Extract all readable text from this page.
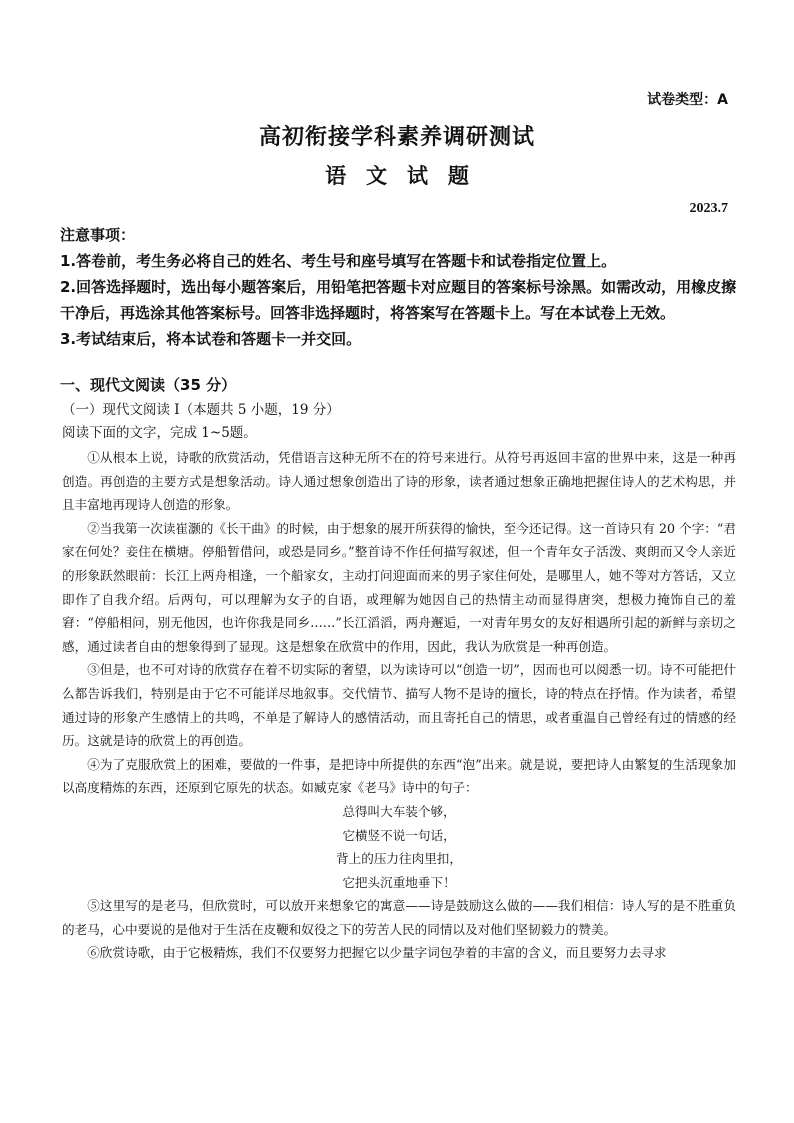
试卷类型：A
高初衔接学科素养调研测试
语 文 试 题
2023.7

注意事项：

1.答卷前，考生务必将自己的姓名、考生号和座号填写在答题卡和试卷指定位置上。

2.回答选择题时，选出每小题答案后，用铅笔把答题卡对应题目的答案标号涂黑。如需改动，用橡皮擦干净后，再选涂其他答案标号。回答非选择题时，将答案写在答题卡上。写在本试卷上无效。

3.考试结束后，将本试卷和答题卡一并交回。

一、现代文阅读（35 分）
（一）现代文阅读 I（本题共 5 小题，19 分）
阅读下面的文字，完成 1~5题。

①从根本上说，诗歌的欣赏活动，凭借语言这种无所不在的符号来进行。从符号再返回丰富的世界中来，这是一种再创造。再创造的主要方式是想象活动。诗人通过想象创造出了诗的形象，读者通过想象正确地把握住诗人的艺术构思，并且丰富地再现诗人创造的形象。

②当我第一次读崔灏的《长干曲》的时候，由于想象的展开所获得的愉快，至今还记得。这一首诗只有 20 个字：“君家在何处？妾住在横塘。停船暂借问，或恐是同乡。”整首诗不作任何描写叙述，但一个青年女子活泼、爽朗而又令人亲近的形象跃然眼前：长江上两舟相逢，一个船家女，主动打问迎面而来的男子家住何处，是哪里人，她不等对方答话，又立即作了自我介绍。后两句，可以理解为女子的自语，或理解为她因自己的热情主动而显得唐突，想极力掩饰自己的羞窘：“停船相问，别无他因，也许你我是同乡……”长江滔滔，两舟邂逅，一对青年男女的友好相遇所引起的新鲜与亲切之感，通过读者自由的想象得到了显现。这是想象在欣赏中的作用，因此，我认为欣赏是一种再创造。

③但是，也不可对诗的欣赏存在着不切实际的奢望，以为读诗可以“创造一切”，因而也可以阅悉一切。诗不可能把什么都告诉我们，特别是由于它不可能详尽地叙事。交代情节、描写人物不是诗的擅长，诗的特点在抒情。作为读者，希望通过诗的形象产生感情上的共鸣，不单是了解诗人的感情活动，而且寄托自己的情思，或者重温自己曾经有过的情感的经历。这就是诗的欣赏上的再创造。

④为了克服欣赏上的困难，要做的一件事，是把诗中所提供的东西“泡”出来。就是说，要把诗人由繁复的生活现象加以高度精炼的东西，还原到它原先的状态。如臧克家《老马》诗中的句子：

总得叫大车装个够，
它横竖不说一句话，
背上的压力往肉里扣，
它把头沉重地垂下！

⑤这里写的是老马，但欣赏时，可以放开来想象它的寓意——诗是鼓励这么做的——我们相信：诗人写的是不胜重负的老马，心中要说的是他对于生活在皮鞭和奴役之下的劳苦人民的同情以及对他们坚韧毅力的赞美。

⑥欣赏诗歌，由于它极精炼，我们不仅要努力把握它以少量字词包孕着的丰富的含义，而且要努力去寻求
